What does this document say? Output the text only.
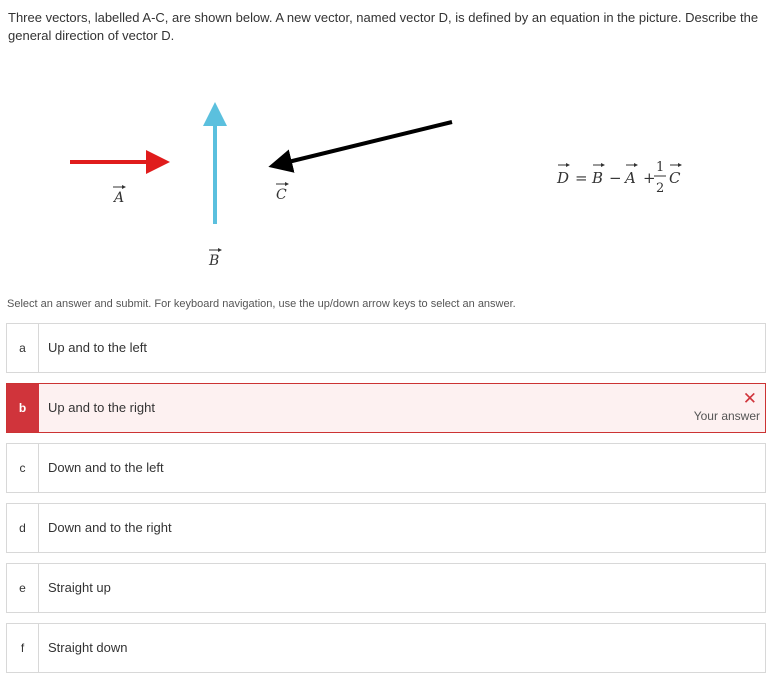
Three vectors, labelled A-C, are shown below. A new vector, named vector D, is defined by an equation in the picture. Describe the general direction of vector D.
A
B
C
D = B − A +
1
2
C
Select an answer and submit. For keyboard navigation, use the up/down arrow keys to select an answer.
a	Up and to the left
b	Up and to the right	✕
Your answer
c	Down and to the left
d	Down and to the right
e	Straight up
f	Straight down
